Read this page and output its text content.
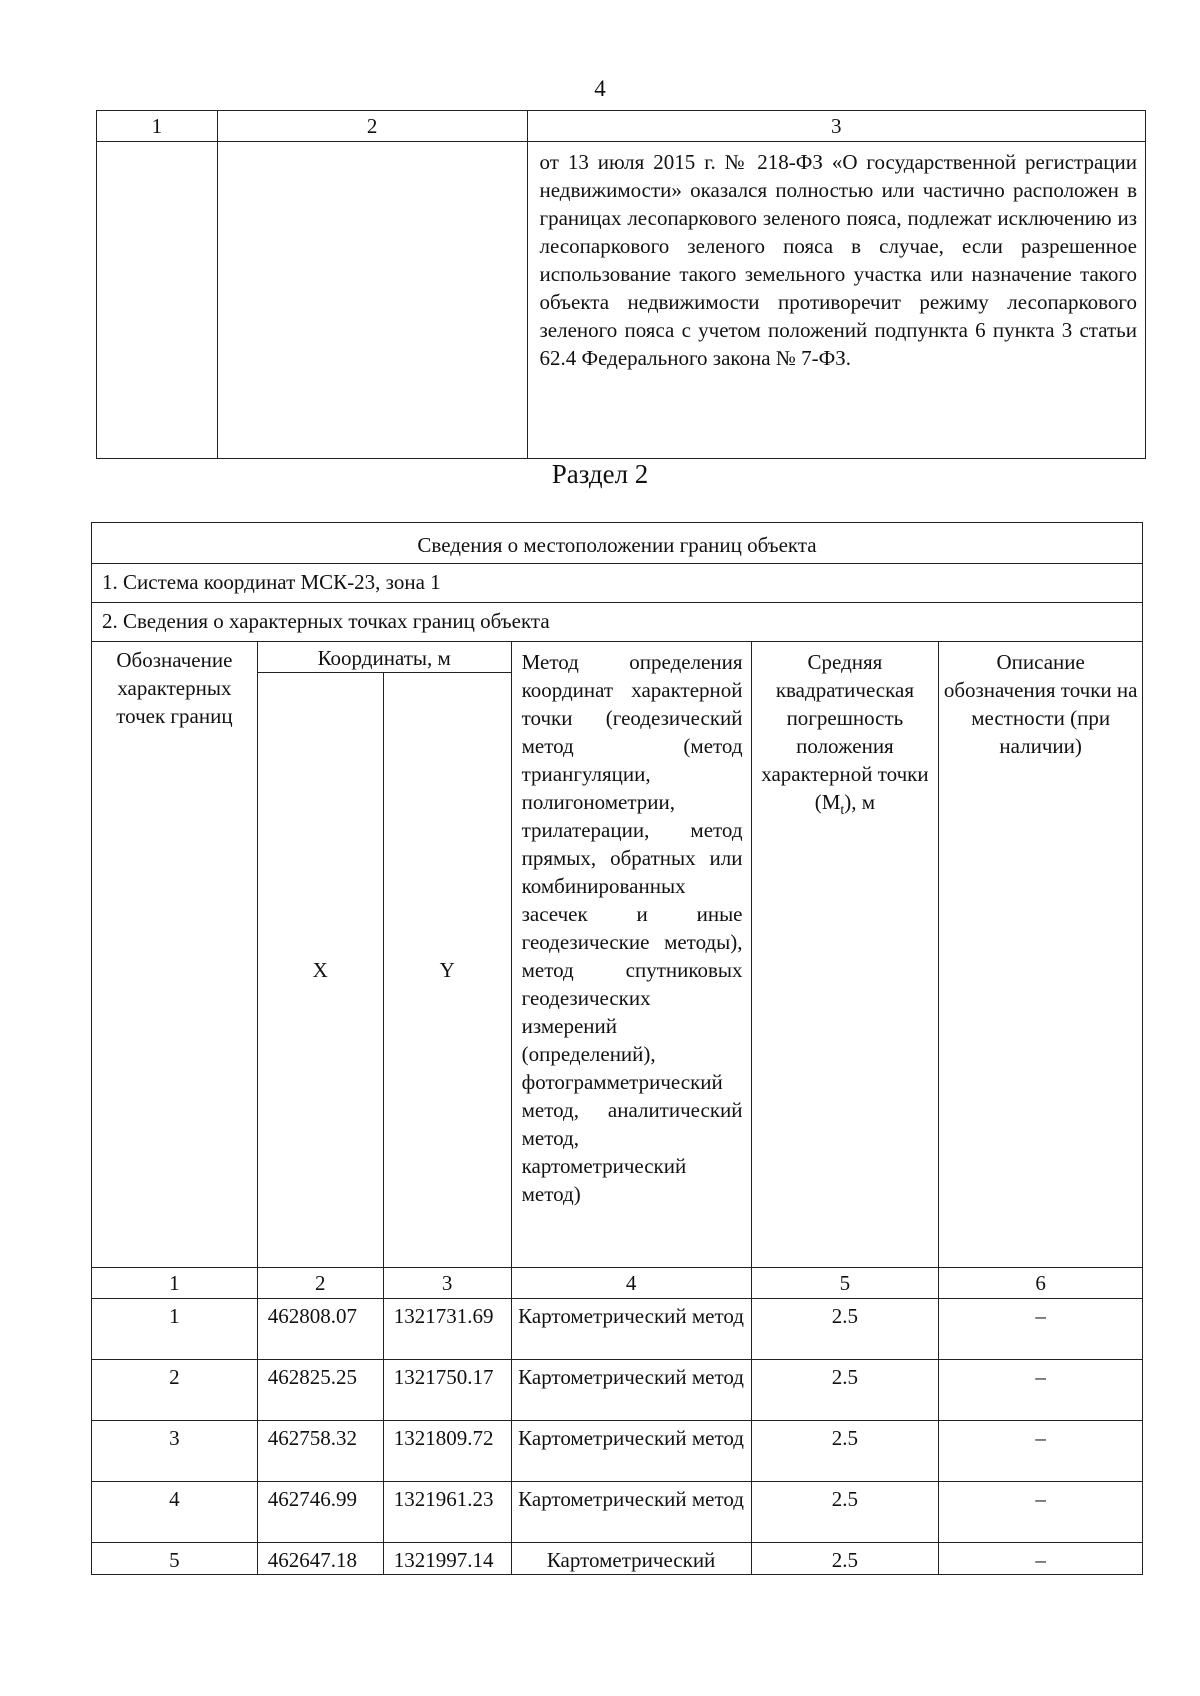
4
1	2	3
		от 13 июля 2015 г. № 218-ФЗ «О государственной регистрации недвижимости» оказался полностью или частично расположен в границах лесопаркового зеленого пояса, подлежат исключению из лесопаркового зеленого пояса в случае, если разрешенное использование такого земельного участка или назначение такого объекта недвижимости противоречит режиму лесопаркового зеленого пояса с учетом положений подпункта 6 пункта 3 статьи 62.4 Федерального закона № 7-ФЗ.
Раздел 2
Сведения о местоположении границ объекта					
1. Система координат МСК-23, зона 1					
2. Сведения о характерных точках границ объекта					
Обозначение характерных точек границ	Координаты, м		Метод определения координат характерной точки (геодезический метод (метод триангуляции, полигонометрии, трилатерации, метод прямых, обратных или комбинированных засечек и иные геодезические методы), метод спутниковых геодезических измерений (определений), фотограмметрический метод, аналитический метод, картометрический метод)	Средняя квадратическая погрешность положения характерной точки $(M_t)$, м	Описание обозначения точки на местности (при наличии)
	X	Y			
1	2	3	4	5	6
1	462808.07	1321731.69	Картометрический метод	2.5	–
2	462825.25	1321750.17	Картометрический метод	2.5	–
3	462758.32	1321809.72	Картометрический метод	2.5	–
4	462746.99	1321961.23	Картометрический метод	2.5	–
5	462647.18	1321997.14	Картометрический	2.5	–
